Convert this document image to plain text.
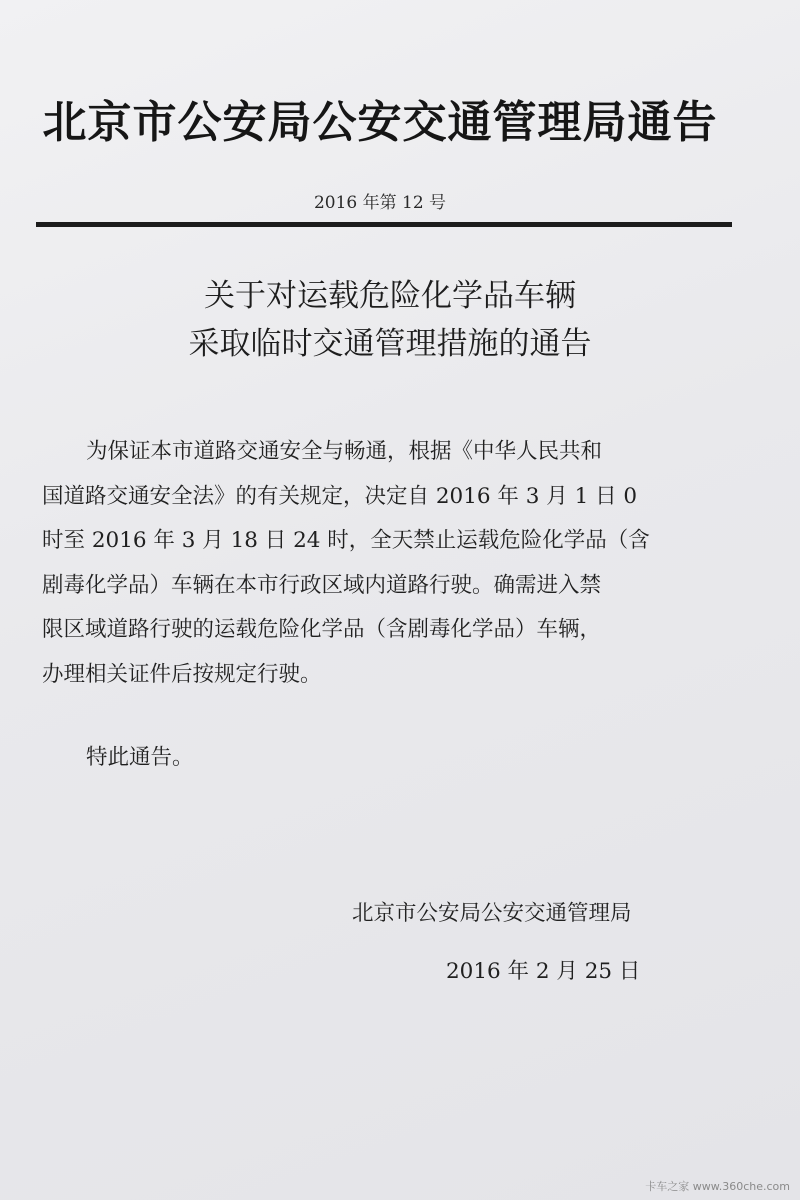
北京市公安局公安交通管理局通告
2016 年第 12 号
关于对运载危险化学品车辆
采取临时交通管理措施的通告
为保证本市道路交通安全与畅通，根据《中华人民共和
国道路交通安全法》的有关规定，决定自 2016 年 3 月 1 日 0
时至 2016 年 3 月 18 日 24 时，全天禁止运载危险化学品（含
剧毒化学品）车辆在本市行政区域内道路行驶。确需进入禁
限区域道路行驶的运载危险化学品（含剧毒化学品）车辆，
办理相关证件后按规定行驶。
特此通告。
北京市公安局公安交通管理局
2016 年 2 月 25 日
卡车之家 www.360che.com
